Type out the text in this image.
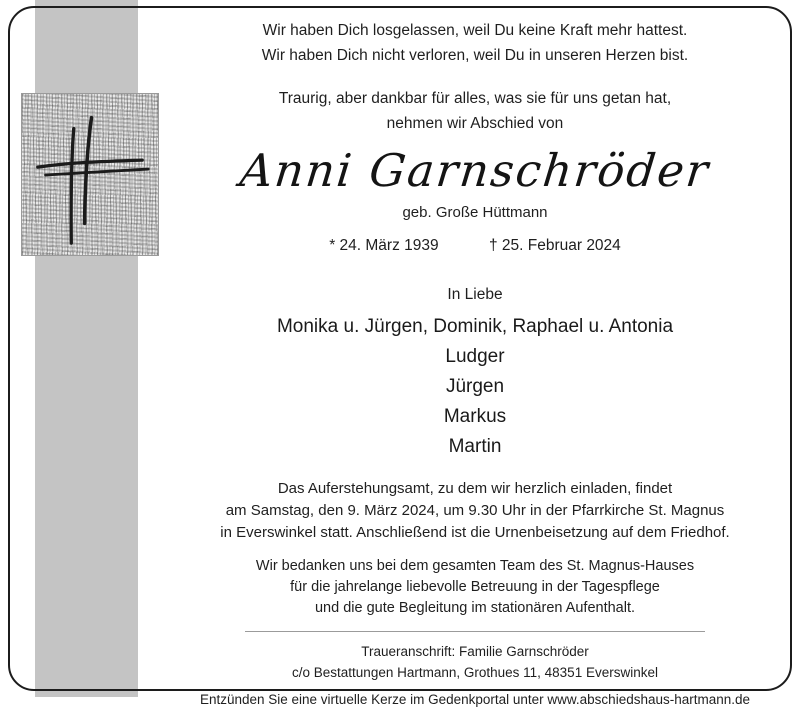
Wir haben Dich losgelassen, weil Du keine Kraft mehr hattest.
Wir haben Dich nicht verloren, weil Du in unseren Herzen bist.
Traurig, aber dankbar für alles, was sie für uns getan hat,
nehmen wir Abschied von
Anni Garnschröder
geb. Große Hüttmann
* 24. März 1939	† 25. Februar 2024
In Liebe
Monika u. Jürgen, Dominik, Raphael u. Antonia
Ludger
Jürgen
Markus
Martin
Das Auferstehungsamt, zu dem wir herzlich einladen, findet
am Samstag, den 9. März 2024, um 9.30 Uhr in der Pfarrkirche St. Magnus
in Everswinkel statt. Anschließend ist die Urnenbeisetzung auf dem Friedhof.
Wir bedanken uns bei dem gesamten Team des St. Magnus-Hauses
für die jahrelange liebevolle Betreuung in der Tagespflege
und die gute Begleitung im stationären Aufenthalt.
Traueranschrift: Familie Garnschröder
c/o Bestattungen Hartmann, Grothues 11, 48351 Everswinkel
Entzünden Sie eine virtuelle Kerze im Gedenkportal unter www.abschiedshaus-hartmann.de
